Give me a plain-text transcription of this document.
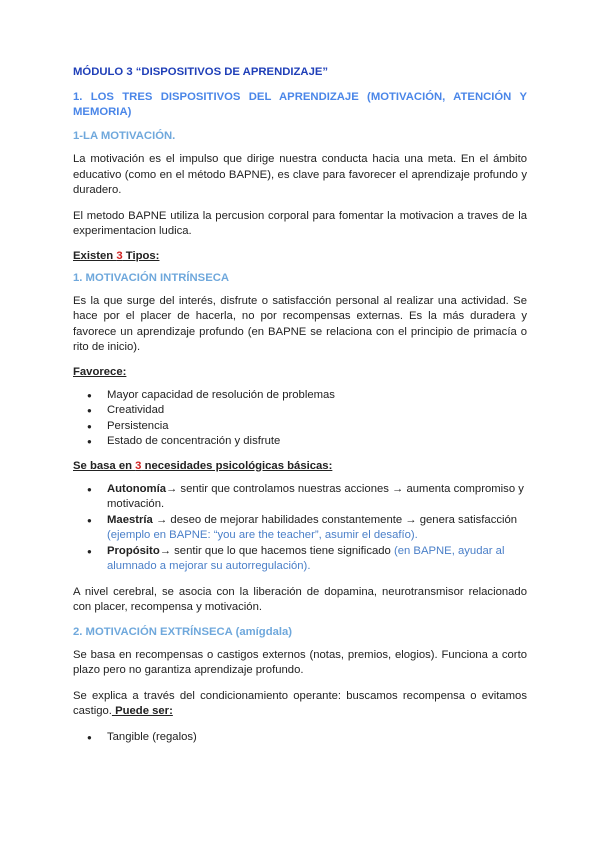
MÓDULO 3 “DISPOSITIVOS DE APRENDIZAJE”
1. LOS TRES DISPOSITIVOS DEL APRENDIZAJE (MOTIVACIÓN, ATENCIÓN Y MEMORIA)
1-LA MOTIVACIÓN.

La motivación es el impulso que dirige nuestra conducta hacia una meta. En el ámbito educativo (como en el método BAPNE), es clave para favorecer el aprendizaje profundo y duradero.

El metodo BAPNE utiliza la percusion corporal para fomentar la motivacion a traves de la experimentacion ludica.

Existen 3 Tipos:
1. MOTIVACIÓN INTRÍNSECA

Es la que surge del interés, disfrute o satisfacción personal al realizar una actividad. Se hace por el placer de hacerla, no por recompensas externas. Es la más duradera y favorece un aprendizaje profundo (en BAPNE se relaciona con el principio de primacía o rito de inicio).

Favorece:
● Mayor capacidad de resolución de problemas
● Creatividad
● Persistencia
● Estado de concentración y disfrute
Se basa en 3 necesidades psicológicas básicas:
● Autonomía→ sentir que controlamos nuestras acciones → aumenta compromiso y motivación.
● Maestría → deseo de mejorar habilidades constantemente → genera satisfacción (ejemplo en BAPNE: “you are the teacher”, asumir el desafío).
● Propósito→ sentir que lo que hacemos tiene significado (en BAPNE, ayudar al alumnado a mejorar su autorregulación).

A nivel cerebral, se asocia con la liberación de dopamina, neurotransmisor relacionado con placer, recompensa y motivación.

2. MOTIVACIÓN EXTRÍNSECA (amígdala)

Se basa en recompensas o castigos externos (notas, premios, elogios). Funciona a corto plazo pero no garantiza aprendizaje profundo.

Se explica a través del condicionamiento operante: buscamos recompensa o evitamos castigo. Puede ser:

● Tangible (regalos)
